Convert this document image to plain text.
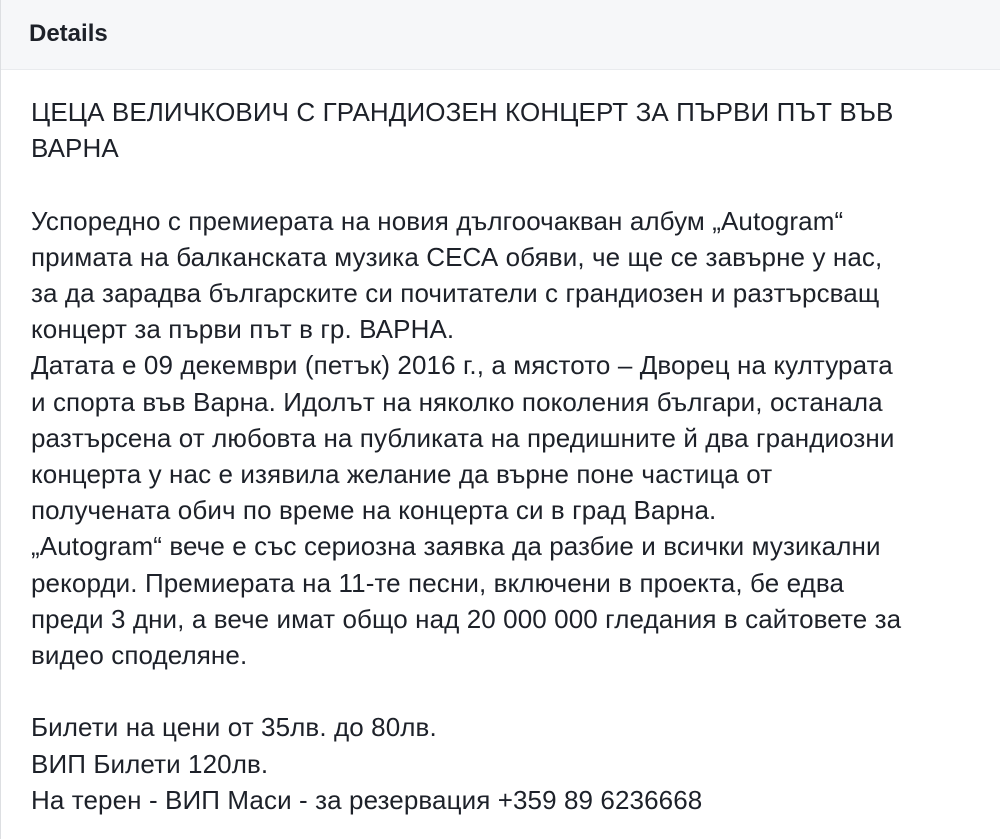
Details

ЦЕЦА ВЕЛИЧКОВИЧ С ГРАНДИОЗЕН КОНЦЕРТ ЗА ПЪРВИ ПЪТ ВЪВ
ВАРНА

Успоредно с премиерата на новия дългоочакван албум „Autogram“
примата на балканската музика СЕСА обяви, че ще се завърне у нас,
за да зарадва българските си почитатели с грандиозен и разтърсващ
концерт за първи път в гр. ВАРНА.
Датата е 09 декември (петък) 2016 г., а мястото – Дворец на културата
и спорта във Варна. Идолът на няколко поколения българи, останала
разтърсена от любовта на публиката на предишните й два грандиозни
концерта у нас е изявила желание да върне поне частица от
получената обич по време на концерта си в град Варна.
„Autogram“ вече е със сериозна заявка да разбие и всички музикални
рекорди. Премиерата на 11-те песни, включени в проекта, бе едва
преди 3 дни, а вече имат общо над 20 000 000 гледания в сайтовете за
видео споделяне.

Билети на цени от 35лв. до 80лв.
ВИП Билети 120лв.
На терен - ВИП Маси - за резервация +359 89 6236668
